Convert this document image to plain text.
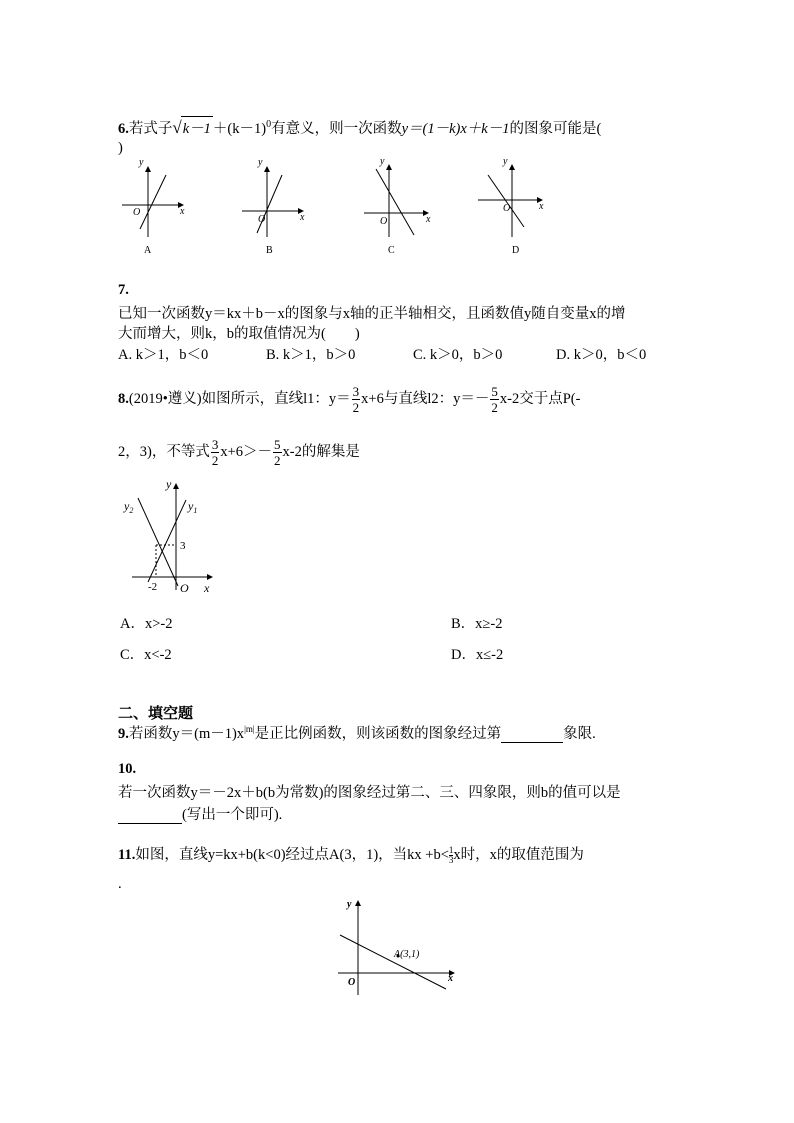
6.若式子$√k-1 +(k-1)^0$有意义，则一次函数y＝(1－k)x＋k－1的图象可能是(
)
y
x
O
A
y
x
O
B
y
x
O
C
y
x
O
D
7.
已知一次函数y＝kx＋b－x的图象与x轴的正半轴相交，且函数值y随自变量x的增
大而增大，则k，b的取值情况为(　　)
A. k＞1，b＜0	B. k＞1，b＞0	C. k＞0，b＞0	D. k＞0，b＜0
8.(2019•遵义)如图所示，直线l1：$y= \frac{3}{2} x+6$与直线l2：$y=- \frac{5}{2} x-2$交于点P(-
2，3)，不等式 $\frac{3}{2} x+6>- \frac{5}{2} x-2$的解集是
y
x
O
3
-2
$y_2$	$y_1$
A．x>-2	B．x≥-2
C．x<-2	D．x≤-2
二、填空题
9.若函数$y=(m-1)x^{|m|}$是正比例函数，则该函数的图象经过第	象限.
10.
若一次函数y＝－2x＋b(b为常数)的图象经过第二、三、四象限，则b的值可以是
(写出一个即可).
11.如图，直线y=kx+b(k<0)经过点A(3，1)，当kx $+b< \frac{1}{3}$ x时，x的取值范围为
.
y
x
O
A(3,1)
